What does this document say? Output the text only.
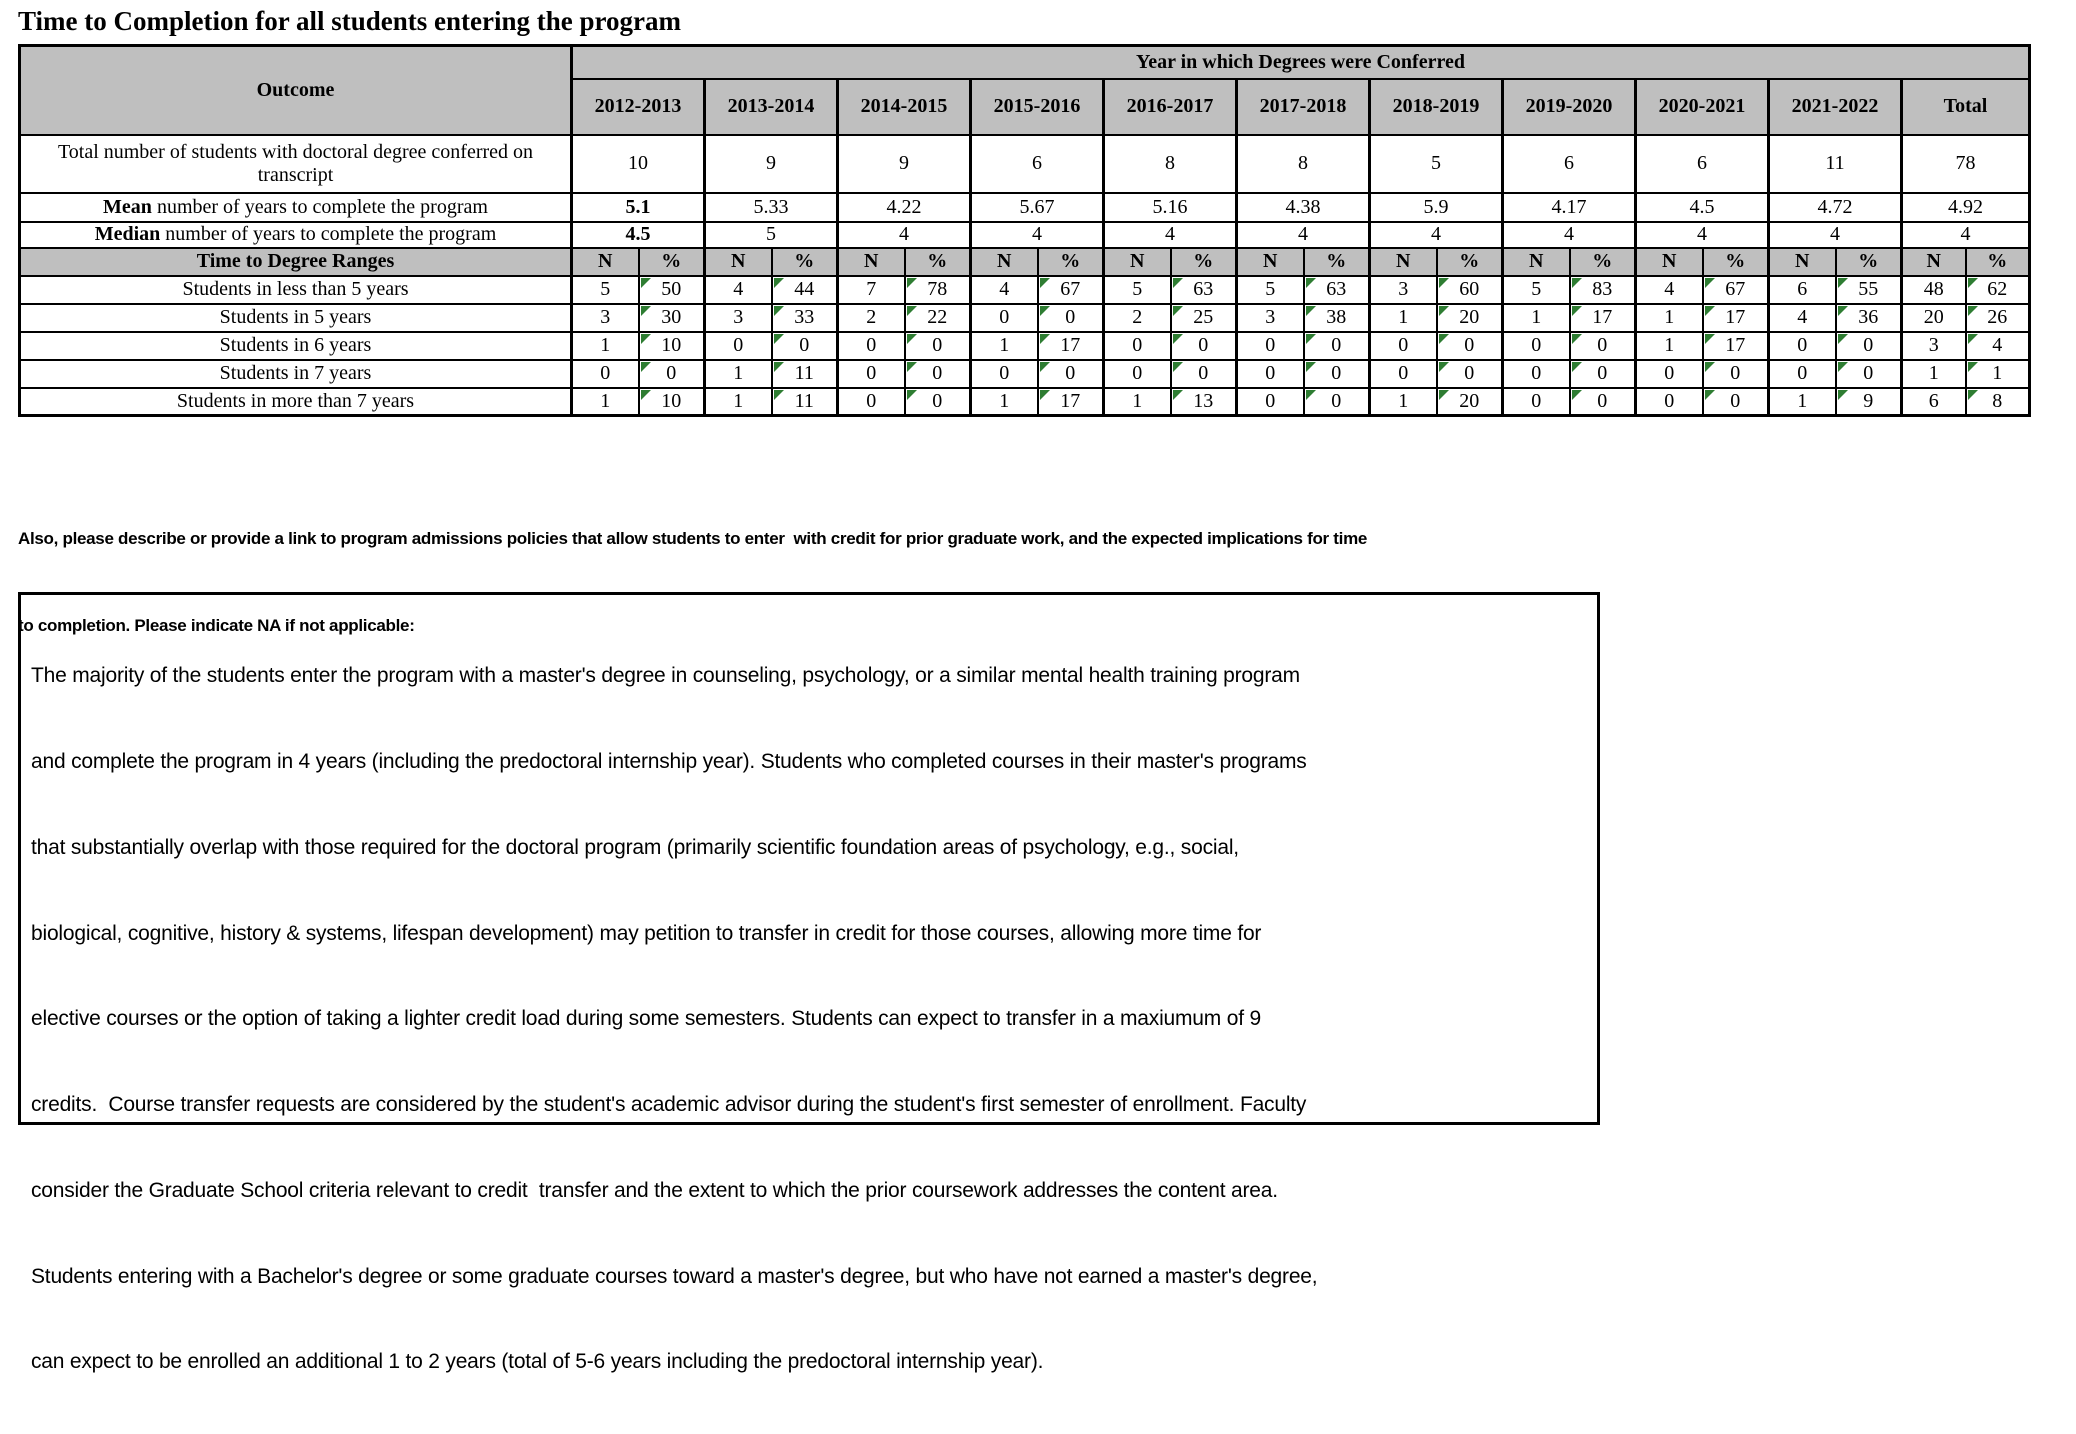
Time to Completion for all students entering the program
Outcome	Year in which Degrees were Conferred																					
	2012-2013		2013-2014		2014-2015		2015-2016		2016-2017		2017-2018		2018-2019		2019-2020		2020-2021		2021-2022		Total	
Total number of students with doctoral degree conferred on transcript	10		9		9		6		8		8		5		6		6		11		78	
Mean number of years to complete the program	5.1		5.33		4.22		5.67		5.16		4.38		5.9		4.17		4.5		4.72		4.92	
Median number of years to complete the program	4.5		5		4		4		4		4		4		4		4		4		4	
Time to Degree Ranges	N	%	N	%	N	%	N	%	N	%	N	%	N	%	N	%	N	%	N	%	N	%
Students in less than 5 years	5	50	4	44	7	78	4	67	5	63	5	63	3	60	5	83	4	67	6	55	48	62
Students in 5 years	3	30	3	33	2	22	0	0	2	25	3	38	1	20	1	17	1	17	4	36	20	26
Students in 6 years	1	10	0	0	0	0	1	17	0	0	0	0	0	0	0	0	1	17	0	0	3	4
Students in 7 years	0	0	1	11	0	0	0	0	0	0	0	0	0	0	0	0	0	0	0	0	1	1
Students in more than 7 years	1	10	1	11	0	0	1	17	1	13	0	0	1	20	0	0	0	0	1	9	6	8

Also, please describe or provide a link to program admissions policies that allow students to enter  with credit for prior graduate work, and the expected implications for time

to completion. Please indicate NA if not applicable:

The majority of the students enter the program with a master's degree in counseling, psychology, or a similar mental health training program

and complete the program in 4 years (including the predoctoral internship year). Students who completed courses in their master's programs

that substantially overlap with those required for the doctoral program (primarily scientific foundation areas of psychology, e.g., social,

biological, cognitive, history & systems, lifespan development) may petition to transfer in credit for those courses, allowing more time for

elective courses or the option of taking a lighter credit load during some semesters. Students can expect to transfer in a maxiumum of 9

credits.  Course transfer requests are considered by the student's academic advisor during the student's first semester of enrollment. Faculty

consider the Graduate School criteria relevant to credit  transfer and the extent to which the prior coursework addresses the content area.

Students entering with a Bachelor's degree or some graduate courses toward a master's degree, but who have not earned a master's degree,

can expect to be enrolled an additional 1 to 2 years (total of 5-6 years including the predoctoral internship year).
